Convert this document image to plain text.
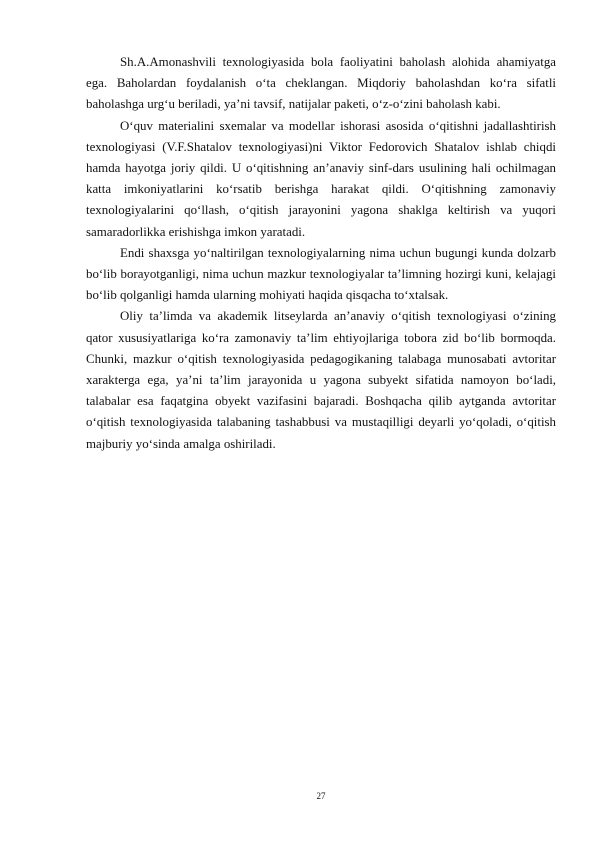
Sh.A.Amonashvili texnologiyasida bola faoliyatini baholash alohida ahamiyatga ega. Baholardan foydalanish o‘ta cheklangan. Miqdoriy baholashdan ko‘ra sifatli baholashga urg‘u beriladi, ya’ni tavsif, natijalar paketi, o‘z-o‘zini baholash kabi.

O‘quv materialini sxemalar va modellar ishorasi asosida o‘qitishni jadallashtirish texnologiyasi (V.F.Shatalov texnologiyasi)ni Viktor Fedorovich Shatalov ishlab chiqdi hamda hayotga joriy qildi. U o‘qitishning an’anaviy sinf-dars usulining hali ochilmagan katta imkoniyatlarini ko‘rsatib berishga harakat qildi. O‘qitishning zamonaviy texnologiyalarini qo‘llash, o‘qitish jarayonini yagona shaklga keltirish va yuqori samaradorlikka erishishga imkon yaratadi.

Endi shaxsga yo‘naltirilgan texnologiyalarning nima uchun bugungi kunda dolzarb bo‘lib borayotganligi, nima uchun mazkur texnologiyalar ta’limning hozirgi kuni, kelajagi bo‘lib qolganligi hamda ularning mohiyati haqida qisqacha to‘xtalsak.

Oliy ta’limda va akademik litseylarda an’anaviy o‘qitish texnologiyasi o‘zining qator xususiyatlariga ko‘ra zamonaviy ta’lim ehtiyojlariga tobora zid bo‘lib bormoqda. Chunki, mazkur o‘qitish texnologiyasida pedagogikaning talabaga munosabati avtoritar xarakterga ega, ya’ni ta’lim jarayonida u yagona subyekt sifatida namoyon bo‘ladi, talabalar esa faqatgina obyekt vazifasini bajaradi. Boshqacha qilib aytganda avtoritar o‘qitish texnologiyasida talabaning tashabbusi va mustaqilligi deyarli yo‘qoladi, o‘qitish majburiy yo‘sinda amalga oshiriladi.

27
